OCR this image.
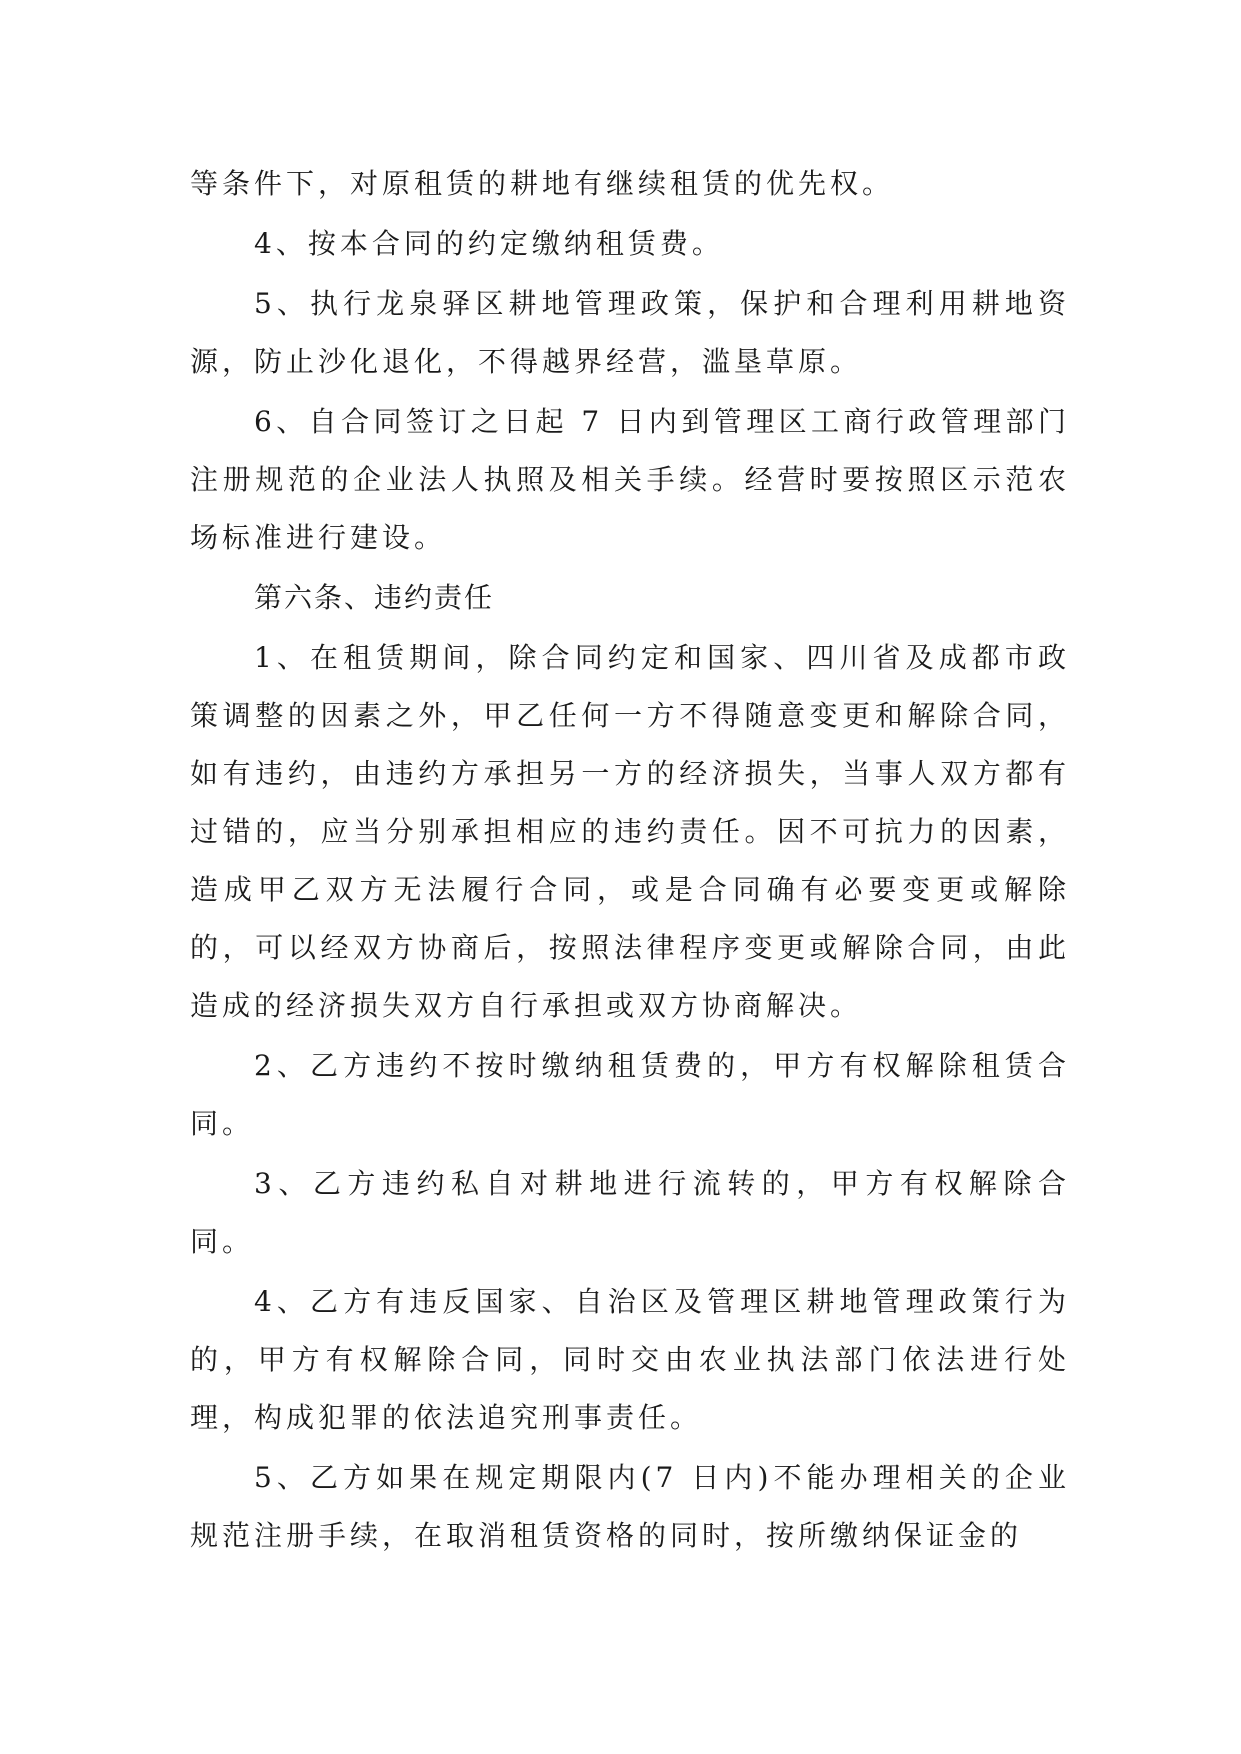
等条件下，对原租赁的耕地有继续租赁的优先权。

4、按本合同的约定缴纳租赁费。

5、执行龙泉驿区耕地管理政策，保护和合理利用耕地资源，防止沙化退化，不得越界经营，滥垦草原。

6、自合同签订之日起 7 日内到管理区工商行政管理部门注册规范的企业法人执照及相关手续。经营时要按照区示范农场标准进行建设。

第六条、违约责任

1、在租赁期间，除合同约定和国家、四川省及成都市政策调整的因素之外，甲乙任何一方不得随意变更和解除合同，如有违约，由违约方承担另一方的经济损失，当事人双方都有过错的，应当分别承担相应的违约责任。因不可抗力的因素，造成甲乙双方无法履行合同，或是合同确有必要变更或解除的，可以经双方协商后，按照法律程序变更或解除合同，由此造成的经济损失双方自行承担或双方协商解决。

2、乙方违约不按时缴纳租赁费的，甲方有权解除租赁合同。

3、乙方违约私自对耕地进行流转的，甲方有权解除合同。

4、乙方有违反国家、自治区及管理区耕地管理政策行为的，甲方有权解除合同，同时交由农业执法部门依法进行处理，构成犯罪的依法追究刑事责任。

5、乙方如果在规定期限内(7 日内)不能办理相关的企业规范注册手续，在取消租赁资格的同时，按所缴纳保证金的
